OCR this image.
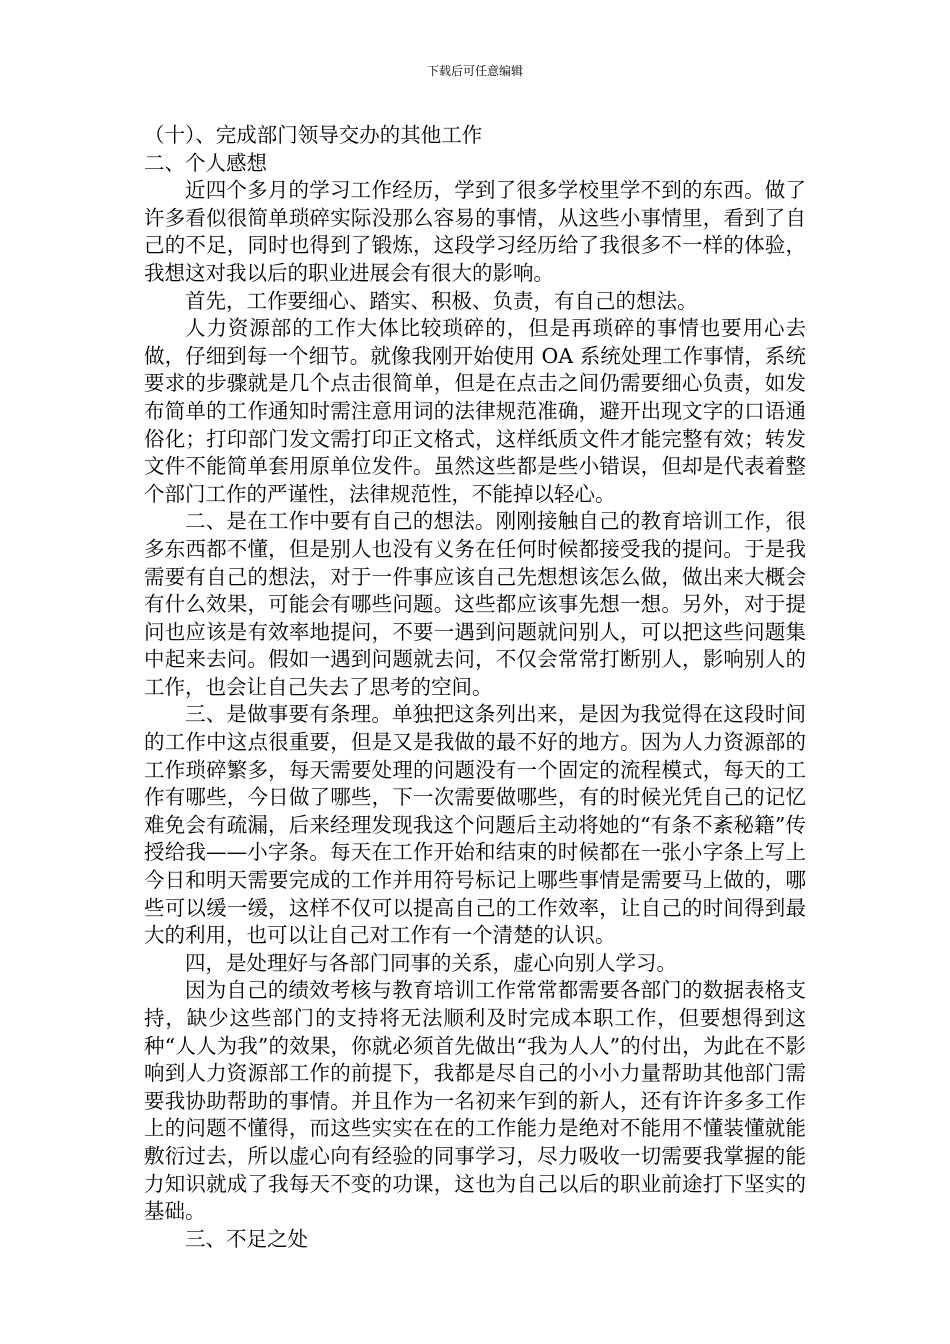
下载后可任意编辑

（十）、完成部门领导交办的其他工作

二、个人感想

近四个多月的学习工作经历，学到了很多学校里学不到的东西。做了许多看似很简单琐碎实际没那么容易的事情，从这些小事情里，看到了自己的不足，同时也得到了锻炼，这段学习经历给了我很多不一样的体验，我想这对我以后的职业进展会有很大的影响。

首先，工作要细心、踏实、积极、负责，有自己的想法。

人力资源部的工作大体比较琐碎的，但是再琐碎的事情也要用心去做，仔细到每一个细节。就像我刚开始使用 OA 系统处理工作事情，系统要求的步骤就是几个点击很简单，但是在点击之间仍需要细心负责，如发布简单的工作通知时需注意用词的法律规范准确，避开出现文字的口语通俗化；打印部门发文需打印正文格式，这样纸质文件才能完整有效；转发文件不能简单套用原单位发件。虽然这些都是些小错误，但却是代表着整个部门工作的严谨性，法律规范性，不能掉以轻心。

二、是在工作中要有自己的想法。刚刚接触自己的教育培训工作，很多东西都不懂，但是别人也没有义务在任何时候都接受我的提问。于是我需要有自己的想法，对于一件事应该自己先想想该怎么做，做出来大概会有什么效果，可能会有哪些问题。这些都应该事先想一想。另外，对于提问也应该是有效率地提问，不要一遇到问题就问别人，可以把这些问题集中起来去问。假如一遇到问题就去问，不仅会常常打断别人，影响别人的工作，也会让自己失去了思考的空间。

三、是做事要有条理。单独把这条列出来，是因为我觉得在这段时间的工作中这点很重要，但是又是我做的最不好的地方。因为人力资源部的工作琐碎繁多，每天需要处理的问题没有一个固定的流程模式，每天的工作有哪些，今日做了哪些，下一次需要做哪些，有的时候光凭自己的记忆难免会有疏漏，后来经理发现我这个问题后主动将她的“有条不紊秘籍”传授给我——小字条。每天在工作开始和结束的时候都在一张小字条上写上今日和明天需要完成的工作并用符号标记上哪些事情是需要马上做的，哪些可以缓一缓，这样不仅可以提高自己的工作效率，让自己的时间得到最大的利用，也可以让自己对工作有一个清楚的认识。

四，是处理好与各部门同事的关系，虚心向别人学习。

因为自己的绩效考核与教育培训工作常常都需要各部门的数据表格支持，缺少这些部门的支持将无法顺利及时完成本职工作，但要想得到这种“人人为我”的效果，你就必须首先做出“我为人人”的付出，为此在不影响到人力资源部工作的前提下，我都是尽自己的小小力量帮助其他部门需要我协助帮助的事情。并且作为一名初来乍到的新人，还有许许多多工作上的问题不懂得，而这些实实在在的工作能力是绝对不能用不懂装懂就能敷衍过去，所以虚心向有经验的同事学习，尽力吸收一切需要我掌握的能力知识就成了我每天不变的功课，这也为自己以后的职业前途打下坚实的基础。

三、不足之处
